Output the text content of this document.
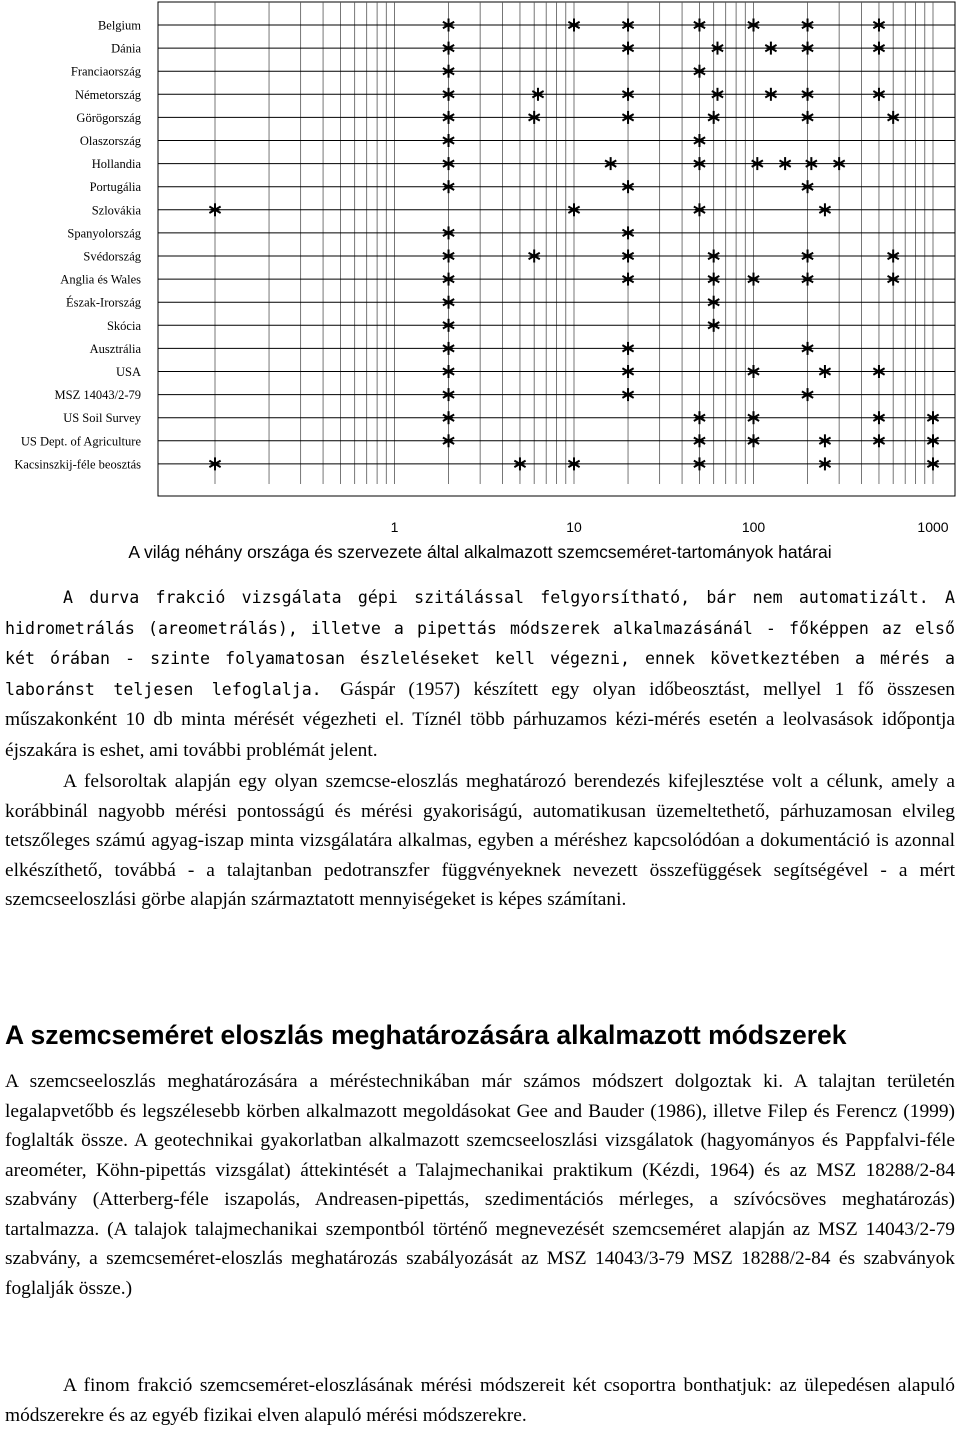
Belgium
Dánia
Franciaország
Németország
Görögország
Olaszország
Hollandia
Portugália
Szlovákia
Spanyolország
Svédország
Anglia és Wales
Észak-Irország
Skócia
Ausztrália
USA
MSZ 14043/2-79
US Soil Survey
US Dept. of Agriculture
Kacsinszkij-féle beosztás
1	10	100	1000
A világ néhány országa és szervezete által alkalmazott szemcseméret-tartományok határai

A durva frakció vizsgálata gépi szitálással felgyorsítható, bár nem automatizált. A hidrometrálás (areometrálás), illetve a pipettás módszerek alkalmazásánál - főképpen az első két órában - szinte folyamatosan észleléseket kell végezni, ennek következtében a mérés a laboránst teljesen lefoglalja. Gáspár (1957) készített egy olyan időbeosztást, mellyel 1 fő összesen műszakonként 10 db minta mérését végezheti el. Tíznél több párhuzamos kézi-mérés esetén a leolvasások időpontja éjszakára is eshet, ami további problémát jelent.

A felsoroltak alapján egy olyan szemcse-eloszlás meghatározó berendezés kifejlesztése volt a célunk, amely a korábbinál nagyobb mérési pontosságú és mérési gyakoriságú, automatikusan üzemeltethető, párhuzamosan elvileg tetszőleges számú agyag-iszap minta vizsgálatára alkalmas, egyben a méréshez kapcsolódóan a dokumentáció is azonnal elkészíthető, továbbá - a talajtanban pedotranszfer függvényeknek nevezett összefüggések segítségével - a mért szemcseeloszlási görbe alapján származtatott mennyiségeket is képes számítani.

A szemcseméret eloszlás meghatározására alkalmazott módszerek

A szemcseeloszlás meghatározására a méréstechnikában már számos módszert dolgoztak ki. A talajtan területén legalapvetőbb és legszélesebb körben alkalmazott megoldásokat Gee and Bauder (1986), illetve Filep és Ferencz (1999) foglalták össze. A geotechnikai gyakorlatban alkalmazott szemcseeloszlási vizsgálatok (hagyományos és Pappfalvi-féle areométer, Köhn-pipettás vizsgálat) áttekintését a Talajmechanikai praktikum (Kézdi, 1964) és az MSZ 18288/2-84 szabvány (Atterberg-féle iszapolás, Andreasen-pipettás, szedimentációs mérleges, a szívócsöves meghatározás) tartalmazza. (A talajok talajmechanikai szempontból történő megnevezését szemcseméret alapján az MSZ 14043/2-79 szabvány, a szemcseméret-eloszlás meghatározás szabályozását az MSZ 14043/3-79 MSZ 18288/2-84 és szabványok foglalják össze.)

A finom frakció szemcseméret-eloszlásának mérési módszereit két csoportra bonthatjuk: az ülepedésen alapuló módszerekre és az egyéb fizikai elven alapuló mérési módszerekre.
